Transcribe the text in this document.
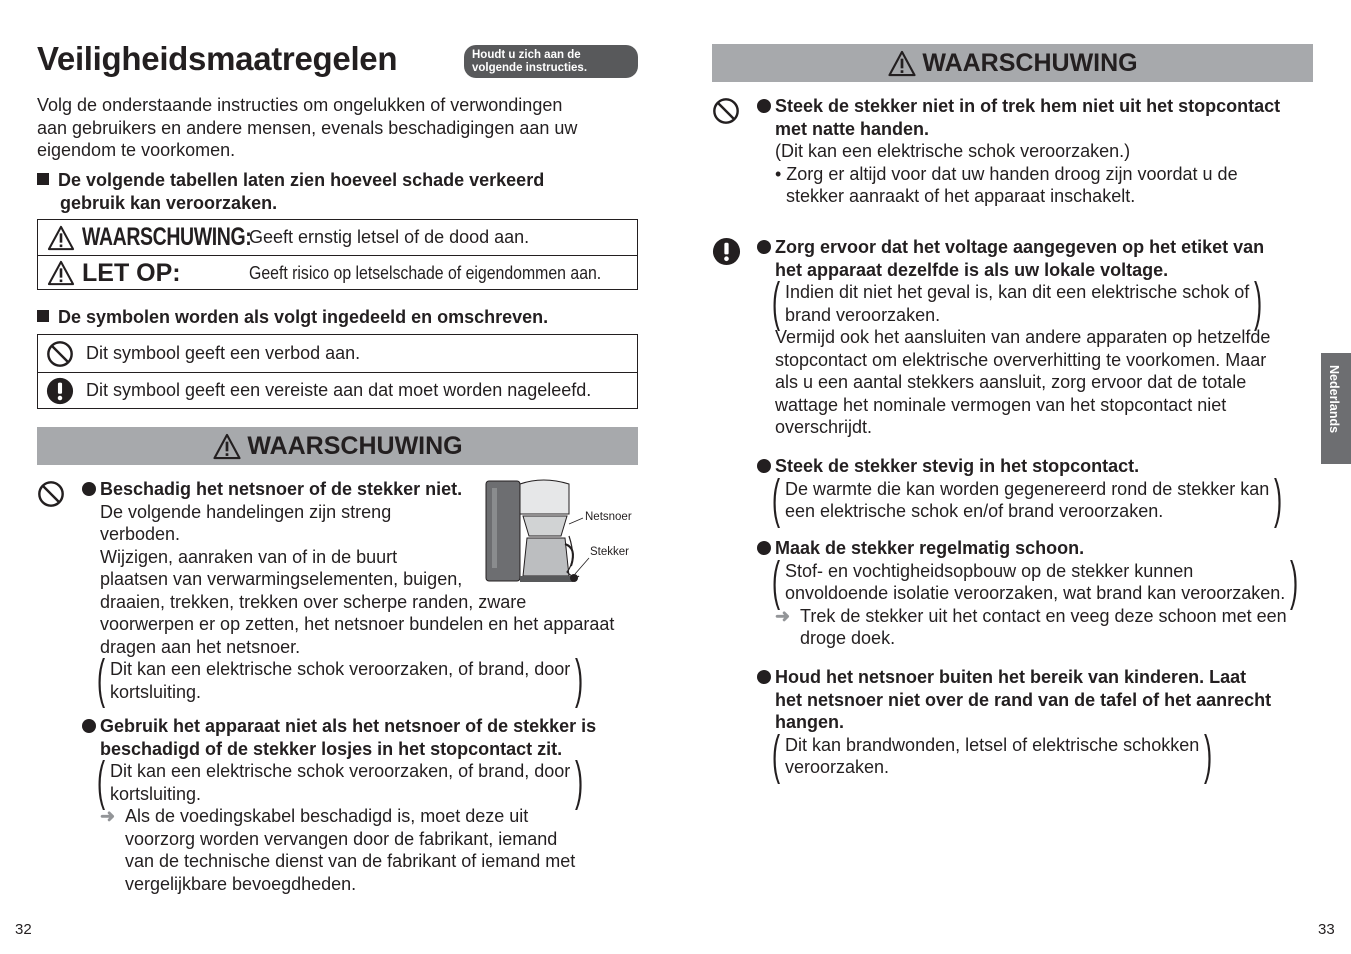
Veiligheidsmaatregelen	Houdt u zich aan de
volgende instructies.
Volg de onderstaande instructies om ongelukken of verwondingen
aan gebruikers en andere mensen, evenals beschadigingen aan uw
eigendom te voorkomen.
De volgende tabellen laten zien hoeveel schade verkeerd
gebruik kan veroorzaken.
WAARSCHUWING:
Geeft ernstig letsel of de dood aan.
LET OP:	Geeft risico op letselschade of eigendommen aan.
De symbolen worden als volgt ingedeeld en omschreven.
Dit symbool geeft een verbod aan.
Dit symbool geeft een vereiste aan dat moet worden nageleefd.
WAARSCHUWING
Beschadig het netsnoer of de stekker niet.
De volgende handelingen zijn streng
verboden.
Wijzigen, aanraken van of in de buurt
plaatsen van verwarmingselementen, buigen,
draaien, trekken, trekken over scherpe randen, zware
voorwerpen er op zetten, het netsnoer bundelen en het apparaat
dragen aan het netsnoer.
( Dit kan een elektrische schok veroorzaken, of brand, door
kortsluiting.
)
Netsnoer
Stekker
Gebruik het apparaat niet als het netsnoer of de stekker is
beschadigd of de stekker losjes in het stopcontact zit.
( Dit kan een elektrische schok veroorzaken, of brand, door
kortsluiting.
)
➜ Als de voedingskabel beschadigd is, moet deze uit
voorzorg worden vervangen door de fabrikant, iemand
van de technische dienst van de fabrikant of iemand met
vergelijkbare bevoegdheden.
32
WAARSCHUWING
Steek de stekker niet in of trek hem niet uit het stopcontact
met natte handen.
(Dit kan een elektrische schok veroorzaken.)
• Zorg er altijd voor dat uw handen droog zijn voordat u de
stekker aanraakt of het apparaat inschakelt.
Zorg ervoor dat het voltage aangegeven op het etiket van
het apparaat dezelfde is als uw lokale voltage.
( Indien dit niet het geval is, kan dit een elektrische schok of
brand veroorzaken.
)
Vermijd ook het aansluiten van andere apparaten op hetzelfde
stopcontact om elektrische oververhitting te voorkomen. Maar
als u een aantal stekkers aansluit, zorg ervoor dat de totale
wattage het nominale vermogen van het stopcontact niet
overschrijdt.
Steek de stekker stevig in het stopcontact.
( De warmte die kan worden gegenereerd rond de stekker kan
een elektrische schok en/of brand veroorzaken.
)
Maak de stekker regelmatig schoon.
( Stof- en vochtigheidsopbouw op de stekker kunnen
onvoldoende isolatie veroorzaken, wat brand kan veroorzaken.
)
➜ Trek de stekker uit het contact en veeg deze schoon met een
droge doek.
Houd het netsnoer buiten het bereik van kinderen. Laat
het netsnoer niet over de rand van de tafel of het aanrecht
hangen.
( Dit kan brandwonden, letsel of elektrische schokken
veroorzaken.
)
Nederlands
33
